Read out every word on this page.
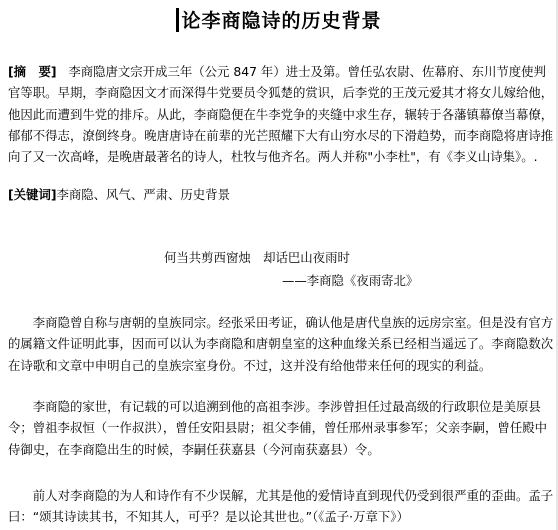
论李商隐诗的历史背景
[摘　要] 李商隐唐文宗开成三年（公元 847 年）进士及第。曾任弘农尉、佐幕府、东川节度使判官等职。早期，李商隐因文才而深得牛党要员令狐楚的赏识，后李党的王茂元爱其才将女儿嫁给他，他因此而遭到牛党的排斥。从此，李商隐便在牛李党争的夹缝中求生存，辗转于各藩镇幕僚当幕僚，郁郁不得志，潦倒终身。晚唐唐诗在前辈的光芒照耀下大有山穷水尽的下滑趋势，而李商隐将唐诗推向了又一次高峰，是晚唐最著名的诗人，杜牧与他齐名。两人并称"小李杜"，有《李义山诗集》。.
[关键词]李商隐、风气、严肃、历史背景
何当共剪西窗烛　却话巴山夜雨时
——李商隐《夜雨寄北》
李商隐曾自称与唐朝的皇族同宗。经张采田考证，确认他是唐代皇族的远房宗室。但是没有官方的属籍文件证明此事，因而可以认为李商隐和唐朝皇室的这种血缘关系已经相当遥远了。李商隐数次在诗歌和文章中申明自己的皇族宗室身份。不过，这并没有给他带来任何的现实的利益。
李商隐的家世，有记载的可以追溯到他的高祖李涉。李涉曾担任过最高级的行政职位是美原县令；曾祖李叔恒（一作叔洪），曾任安阳县尉；祖父李俌，曾任邢州录事参军；父亲李嗣，曾任殿中侍御史，在李商隐出生的时候，李嗣任获嘉县（今河南获嘉县）令。
前人对李商隐的为人和诗作有不少误解，尤其是他的爱情诗直到现代仍受到很严重的歪曲。孟子曰：“颂其诗读其书，不知其人，可乎？是以论其世也。”（《孟子·万章下》）
